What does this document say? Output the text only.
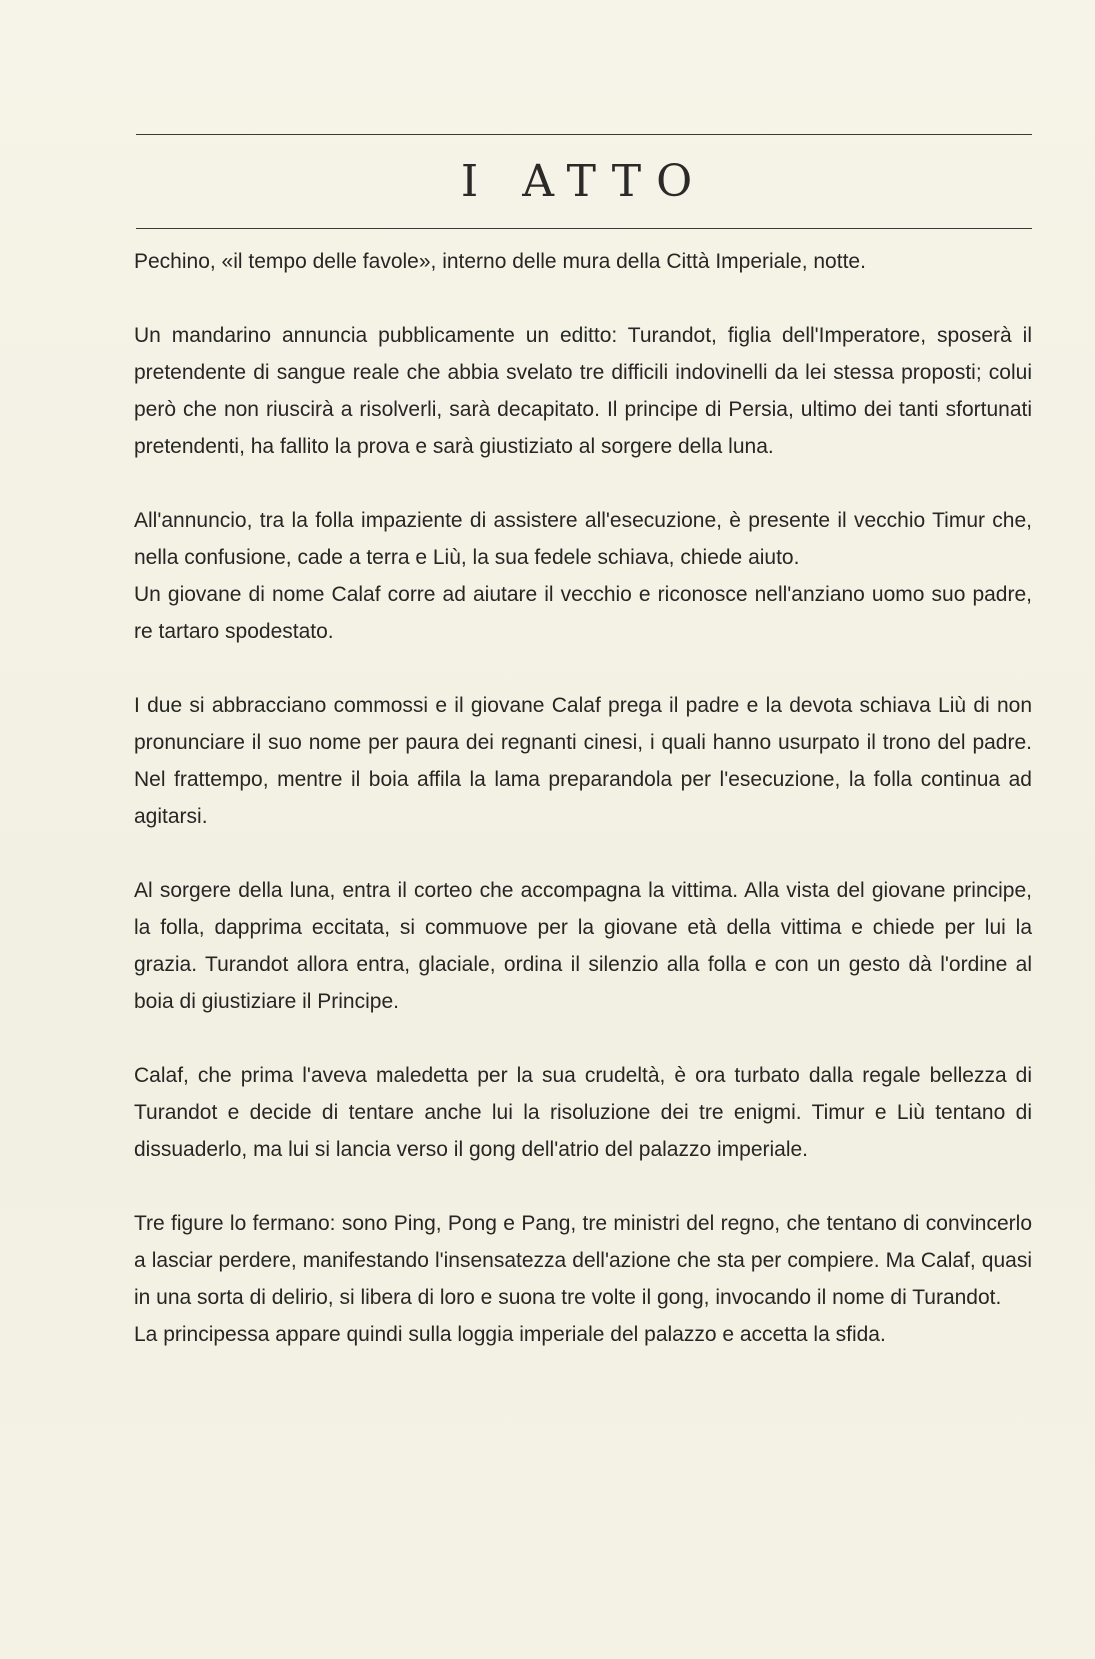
I ATTO

Pechino, «il tempo delle favole», interno delle mura della Città Imperiale, notte.

Un mandarino annuncia pubblicamente un editto: Turandot, figlia dell'Imperatore, sposerà il pretendente di sangue reale che abbia svelato tre difficili indovinelli da lei stessa proposti; colui però che non riuscirà a risolverli, sarà decapitato. Il principe di Persia, ultimo dei tanti sfortunati pretendenti, ha fallito la prova e sarà giustiziato al sorgere della luna.

All'annuncio, tra la folla impaziente di assistere all'esecuzione, è presente il vecchio Timur che, nella confusione, cade a terra e Liù, la sua fedele schiava, chiede aiuto.

Un giovane di nome Calaf corre ad aiutare il vecchio e riconosce nell'anziano uomo suo padre, re tartaro spodestato.

I due si abbracciano commossi e il giovane Calaf prega il padre e la devota schiava Liù di non pronunciare il suo nome per paura dei regnanti cinesi, i quali hanno usurpato il trono del padre. Nel frattempo, mentre il boia affila la lama preparandola per l'esecuzione, la folla continua ad agitarsi.

Al sorgere della luna, entra il corteo che accompagna la vittima. Alla vista del giovane principe, la folla, dapprima eccitata, si commuove per la giovane età della vittima e chiede per lui la grazia. Turandot allora entra, glaciale, ordina il silenzio alla folla e con un gesto dà l'ordine al boia di giustiziare il Principe.

Calaf, che prima l'aveva maledetta per la sua crudeltà, è ora turbato dalla regale bellezza di Turandot e decide di tentare anche lui la risoluzione dei tre enigmi. Timur e Liù tentano di dissuaderlo, ma lui si lancia verso il gong dell'atrio del palazzo imperiale.

Tre figure lo fermano: sono Ping, Pong e Pang, tre ministri del regno, che tentano di convincerlo a lasciar perdere, manifestando l'insensatezza dell'azione che sta per compiere. Ma Calaf, quasi in una sorta di delirio, si libera di loro e suona tre volte il gong, invocando il nome di Turandot.

La principessa appare quindi sulla loggia imperiale del palazzo e accetta la sfida.
